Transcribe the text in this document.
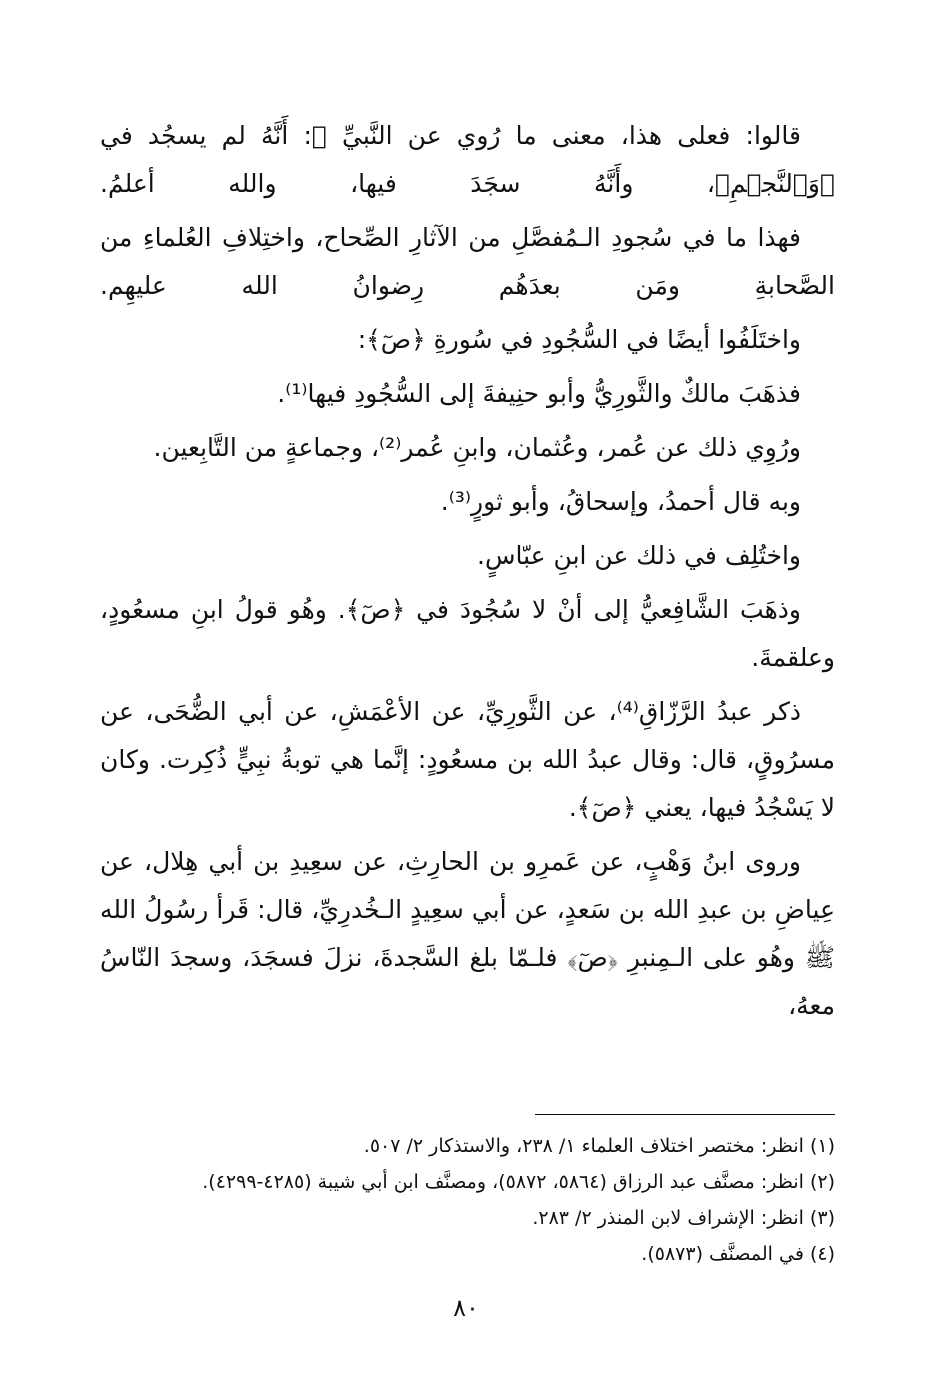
قالوا: فعلى هذا، معنى ما رُوي عن النَّبيِّ ﷺ: أَنَّهُ لم يسجُد في ﴿وَٱلنَّجۡمِ﴾، وأَنَّهُ سجَدَ فيها، والله أعلمُ.

فهذا ما في سُجودِ الـمُفصَّلِ من الآثارِ الصِّحاح، واختِلافِ العُلماءِ من الصَّحابةِ ومَن بعدَهُم رِضوانُ الله عليهِم.

واختَلَفُوا أيضًا في السُّجُودِ في سُورةِ ﴿صٓ﴾:

فذهَبَ مالكٌ والثَّورِيُّ وأبو حنِيفةَ إلى السُّجُودِ فيها⁽¹⁾.

ورُوِي ذلك عن عُمر، وعُثمان، وابنِ عُمر⁽²⁾، وجماعةٍ من التَّابِعين.

وبه قال أحمدُ، وإسحاقُ، وأبو ثورٍ⁽³⁾.

واختُلِف في ذلك عن ابنِ عبّاسٍ.

وذهَبَ الشَّافِعيُّ إلى أنْ لا سُجُودَ في ﴿صٓ﴾. وهُو قولُ ابنِ مسعُودٍ، وعلقمةَ.

ذكر عبدُ الرَّزّاقِ⁽⁴⁾، عن الثَّورِيِّ، عن الأعْمَشِ، عن أبي الضُّحَى، عن مسرُوقٍ، قال: وقال عبدُ الله بن مسعُودٍ: إنَّما هي توبةُ نبِيٍّ ذُكِرت. وكان لا يَسْجُدُ فيها، يعني ﴿صٓ﴾.

وروى ابنُ وَهْبٍ، عن عَمرِو بن الحارِثِ، عن سعِيدِ بن أبي هِلال، عن عِياضِ بن عبدِ الله بن سَعدٍ، عن أبي سعِيدٍ الـخُدرِيِّ، قال: قَرأ رسُولُ الله ﷺ وهُو على الـمِنبرِ ﴿صٓ﴾ فلـمّا بلغ السَّجدةَ، نزلَ فسجَدَ، وسجدَ النّاسُ معهُ،

(١) انظر: مختصر اختلاف العلماء ١/ ٢٣٨، والاستذكار ٢/ ٥٠٧.
(٢) انظر: مصنَّف عبد الرزاق (٥٨٦٤، ٥٨٧٢)، ومصنَّف ابن أبي شيبة (٤٢٨٥-٤٢٩٩).
(٣) انظر: الإشراف لابن المنذر ٢/ ٢٨٣.
(٤) في المصنَّف (٥٨٧٣).
٨٠
